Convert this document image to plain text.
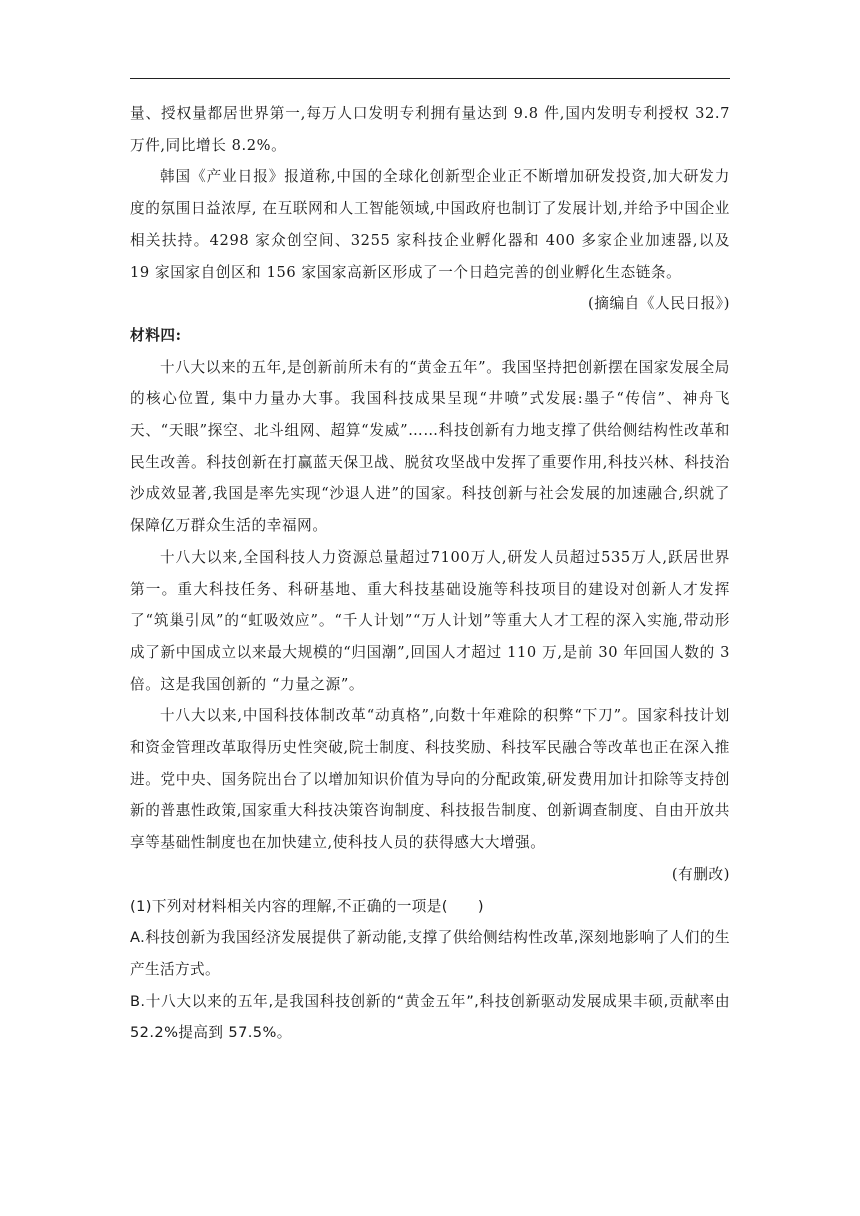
量、授权量都居世界第一,每万人口发明专利拥有量达到 9.8 件,国内发明专利授权 32.7 万件,同比增长 8.2%。

韩国《产业日报》报道称,中国的全球化创新型企业正不断增加研发投资,加大研发力度的氛围日益浓厚, 在互联网和人工智能领域,中国政府也制订了发展计划,并给予中国企业相关扶持。4298 家众创空间、3255 家科技企业孵化器和 400 多家企业加速器,以及 19 家国家自创区和 156 家国家高新区形成了一个日趋完善的创业孵化生态链条。

(摘编自《人民日报》)

材料四:

十八大以来的五年,是创新前所未有的“黄金五年”。我国坚持把创新摆在国家发展全局的核心位置, 集中力量办大事。我国科技成果呈现“井喷”式发展:墨子“传信”、神舟飞天、“天眼”探空、北斗组网、超算“发威”……科技创新有力地支撑了供给侧结构性改革和民生改善。科技创新在打赢蓝天保卫战、脱贫攻坚战中发挥了重要作用,科技兴林、科技治沙成效显著,我国是率先实现“沙退人进”的国家。科技创新与社会发展的加速融合,织就了保障亿万群众生活的幸福网。

十八大以来,全国科技人力资源总量超过7100万人,研发人员超过535万人,跃居世界第一。重大科技任务、科研基地、重大科技基础设施等科技项目的建设对创新人才发挥了“筑巢引凤”的“虹吸效应”。“千人计划”“万人计划”等重大人才工程的深入实施,带动形成了新中国成立以来最大规模的“归国潮”,回国人才超过 110 万,是前 30 年回国人数的 3 倍。这是我国创新的 “力量之源”。

十八大以来,中国科技体制改革“动真格”,向数十年难除的积弊“下刀”。国家科技计划和资金管理改革取得历史性突破,院士制度、科技奖励、科技军民融合等改革也正在深入推进。党中央、国务院出台了以增加知识价值为导向的分配政策,研发费用加计扣除等支持创新的普惠性政策,国家重大科技决策咨询制度、科技报告制度、创新调查制度、自由开放共享等基础性制度也在加快建立,使科技人员的获得感大大增强。

(有删改)

(1)下列对材料相关内容的理解,不正确的一项是(　　)

A.科技创新为我国经济发展提供了新动能,支撑了供给侧结构性改革,深刻地影响了人们的生产生活方式。

B.十八大以来的五年,是我国科技创新的“黄金五年”,科技创新驱动发展成果丰硕,贡献率由 52.2%提高到 57.5%。
